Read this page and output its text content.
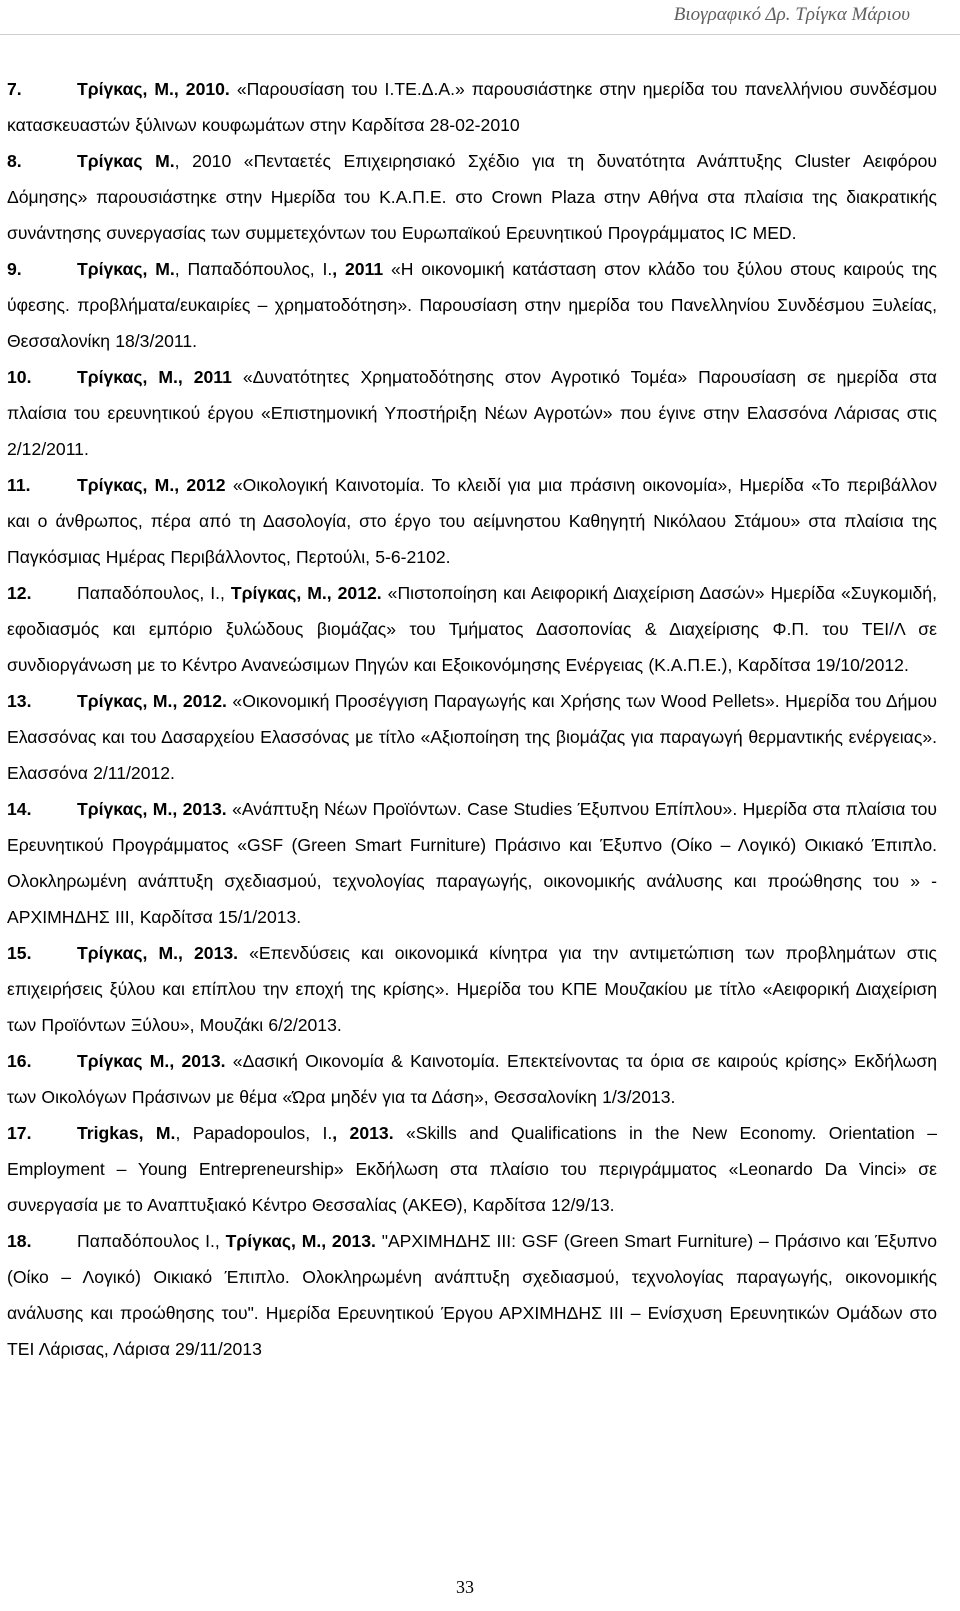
Βιογραφικό Δρ. Τρίγκα Μάριου

7.	Τρίγκας, Μ., 2010. «Παρουσίαση του Ι.ΤΕ.Δ.Α.» παρουσιάστηκε στην ημερίδα του πανελλήνιου συνδέσμου κατασκευαστών ξύλινων κουφωμάτων στην Καρδίτσα 28-02-2010

8.	Τρίγκας Μ., 2010 «Πενταετές Επιχειρησιακό Σχέδιο για τη δυνατότητα Ανάπτυξης Cluster Αειφόρου Δόμησης» παρουσιάστηκε στην Ημερίδα του Κ.Α.Π.Ε. στο Crown Plaza στην Αθήνα στα πλαίσια της διακρατικής συνάντησης συνεργασίας των συμμετεχόντων του Ευρωπαϊκού Ερευνητικού Προγράμματος IC MED.

9.	Τρίγκας, Μ., Παπαδόπουλος, Ι., 2011 «Η οικονομική κατάσταση στον κλάδο του ξύλου στους καιρούς της ύφεσης. προβλήματα/ευκαιρίες – χρηματοδότηση». Παρουσίαση στην ημερίδα του Πανελληνίου Συνδέσμου Ξυλείας, Θεσσαλονίκη 18/3/2011.

10.	Τρίγκας, Μ., 2011 «Δυνατότητες Χρηματοδότησης στον Αγροτικό Τομέα» Παρουσίαση σε ημερίδα στα πλαίσια του ερευνητικού έργου «Επιστημονική Υποστήριξη Νέων Αγροτών» που έγινε στην Ελασσόνα Λάρισας στις 2/12/2011.

11.	Τρίγκας, Μ., 2012 «Οικολογική Καινοτομία. Το κλειδί για μια πράσινη οικονομία», Ημερίδα «Το περιβάλλον και ο άνθρωπος, πέρα από τη Δασολογία, στο έργο του αείμνηστου Καθηγητή Νικόλαου Στάμου» στα πλαίσια της Παγκόσμιας Ημέρας Περιβάλλοντος, Περτούλι, 5-6-2102.

12.	Παπαδόπουλος, Ι., Τρίγκας, Μ., 2012. «Πιστοποίηση και Αειφορική Διαχείριση Δασών» Ημερίδα «Συγκομιδή, εφοδιασμός και εμπόριο ξυλώδους βιομάζας» του Τμήματος Δασοπονίας & Διαχείρισης Φ.Π. του ΤΕΙ/Λ σε συνδιοργάνωση με το Κέντρο Ανανεώσιμων Πηγών και Εξοικονόμησης Ενέργειας (Κ.Α.Π.Ε.), Καρδίτσα 19/10/2012.

13.	Τρίγκας, Μ., 2012. «Οικονομική Προσέγγιση Παραγωγής και Χρήσης των Wood Pellets». Ημερίδα του Δήμου Ελασσόνας και του Δασαρχείου Ελασσόνας με τίτλο «Αξιοποίηση της βιομάζας για παραγωγή θερμαντικής ενέργειας». Ελασσόνα 2/11/2012.

14.	Τρίγκας, Μ., 2013. «Ανάπτυξη Νέων Προϊόντων. Case Studies Έξυπνου Επίπλου». Ημερίδα στα πλαίσια του Ερευνητικού Προγράμματος «GSF (Green Smart Furniture) Πράσινο και Έξυπνο (Οίκο – Λογικό) Οικιακό Έπιπλο. Ολοκληρωμένη ανάπτυξη σχεδιασμού, τεχνολογίας παραγωγής, οικονομικής ανάλυσης και προώθησης του » - ΑΡΧΙΜΗΔΗΣ ΙΙΙ, Καρδίτσα 15/1/2013.

15.	Τρίγκας, Μ., 2013. «Επενδύσεις και οικονομικά κίνητρα για την αντιμετώπιση των προβλημάτων στις επιχειρήσεις ξύλου και επίπλου την εποχή της κρίσης». Ημερίδα του ΚΠΕ Μουζακίου με τίτλο «Αειφορική Διαχείριση των Προϊόντων Ξύλου», Μουζάκι 6/2/2013.

16.	Τρίγκας Μ., 2013. «Δασική Οικονομία & Καινοτομία. Επεκτείνοντας τα όρια σε καιρούς κρίσης» Εκδήλωση των Οικολόγων Πράσινων με θέμα «Ώρα μηδέν για τα Δάση», Θεσσαλονίκη 1/3/2013.

17.	Trigkas, M., Papadopoulos, I., 2013. «Skills and Qualifications in the New Economy. Orientation – Employment – Young Entrepreneurship» Εκδήλωση στα πλαίσιο του περιγράμματος «Leonardo Da Vinci» σε συνεργασία με το Αναπτυξιακό Κέντρο Θεσσαλίας (ΑΚΕΘ), Καρδίτσα 12/9/13.

18.	Παπαδόπουλος Ι., Τρίγκας, Μ., 2013. "ΑΡΧΙΜΗΔΗΣ ΙΙΙ: GSF (Green Smart Furniture) – Πράσινο και Έξυπνο (Οίκο – Λογικό) Οικιακό Έπιπλο. Ολοκληρωμένη ανάπτυξη σχεδιασμού, τεχνολογίας παραγωγής, οικονομικής ανάλυσης και προώθησης του". Ημερίδα Ερευνητικού Έργου ΑΡΧΙΜΗΔΗΣ ΙΙΙ – Ενίσχυση Ερευνητικών Ομάδων στο ΤΕΙ Λάρισας, Λάρισα 29/11/2013

33
